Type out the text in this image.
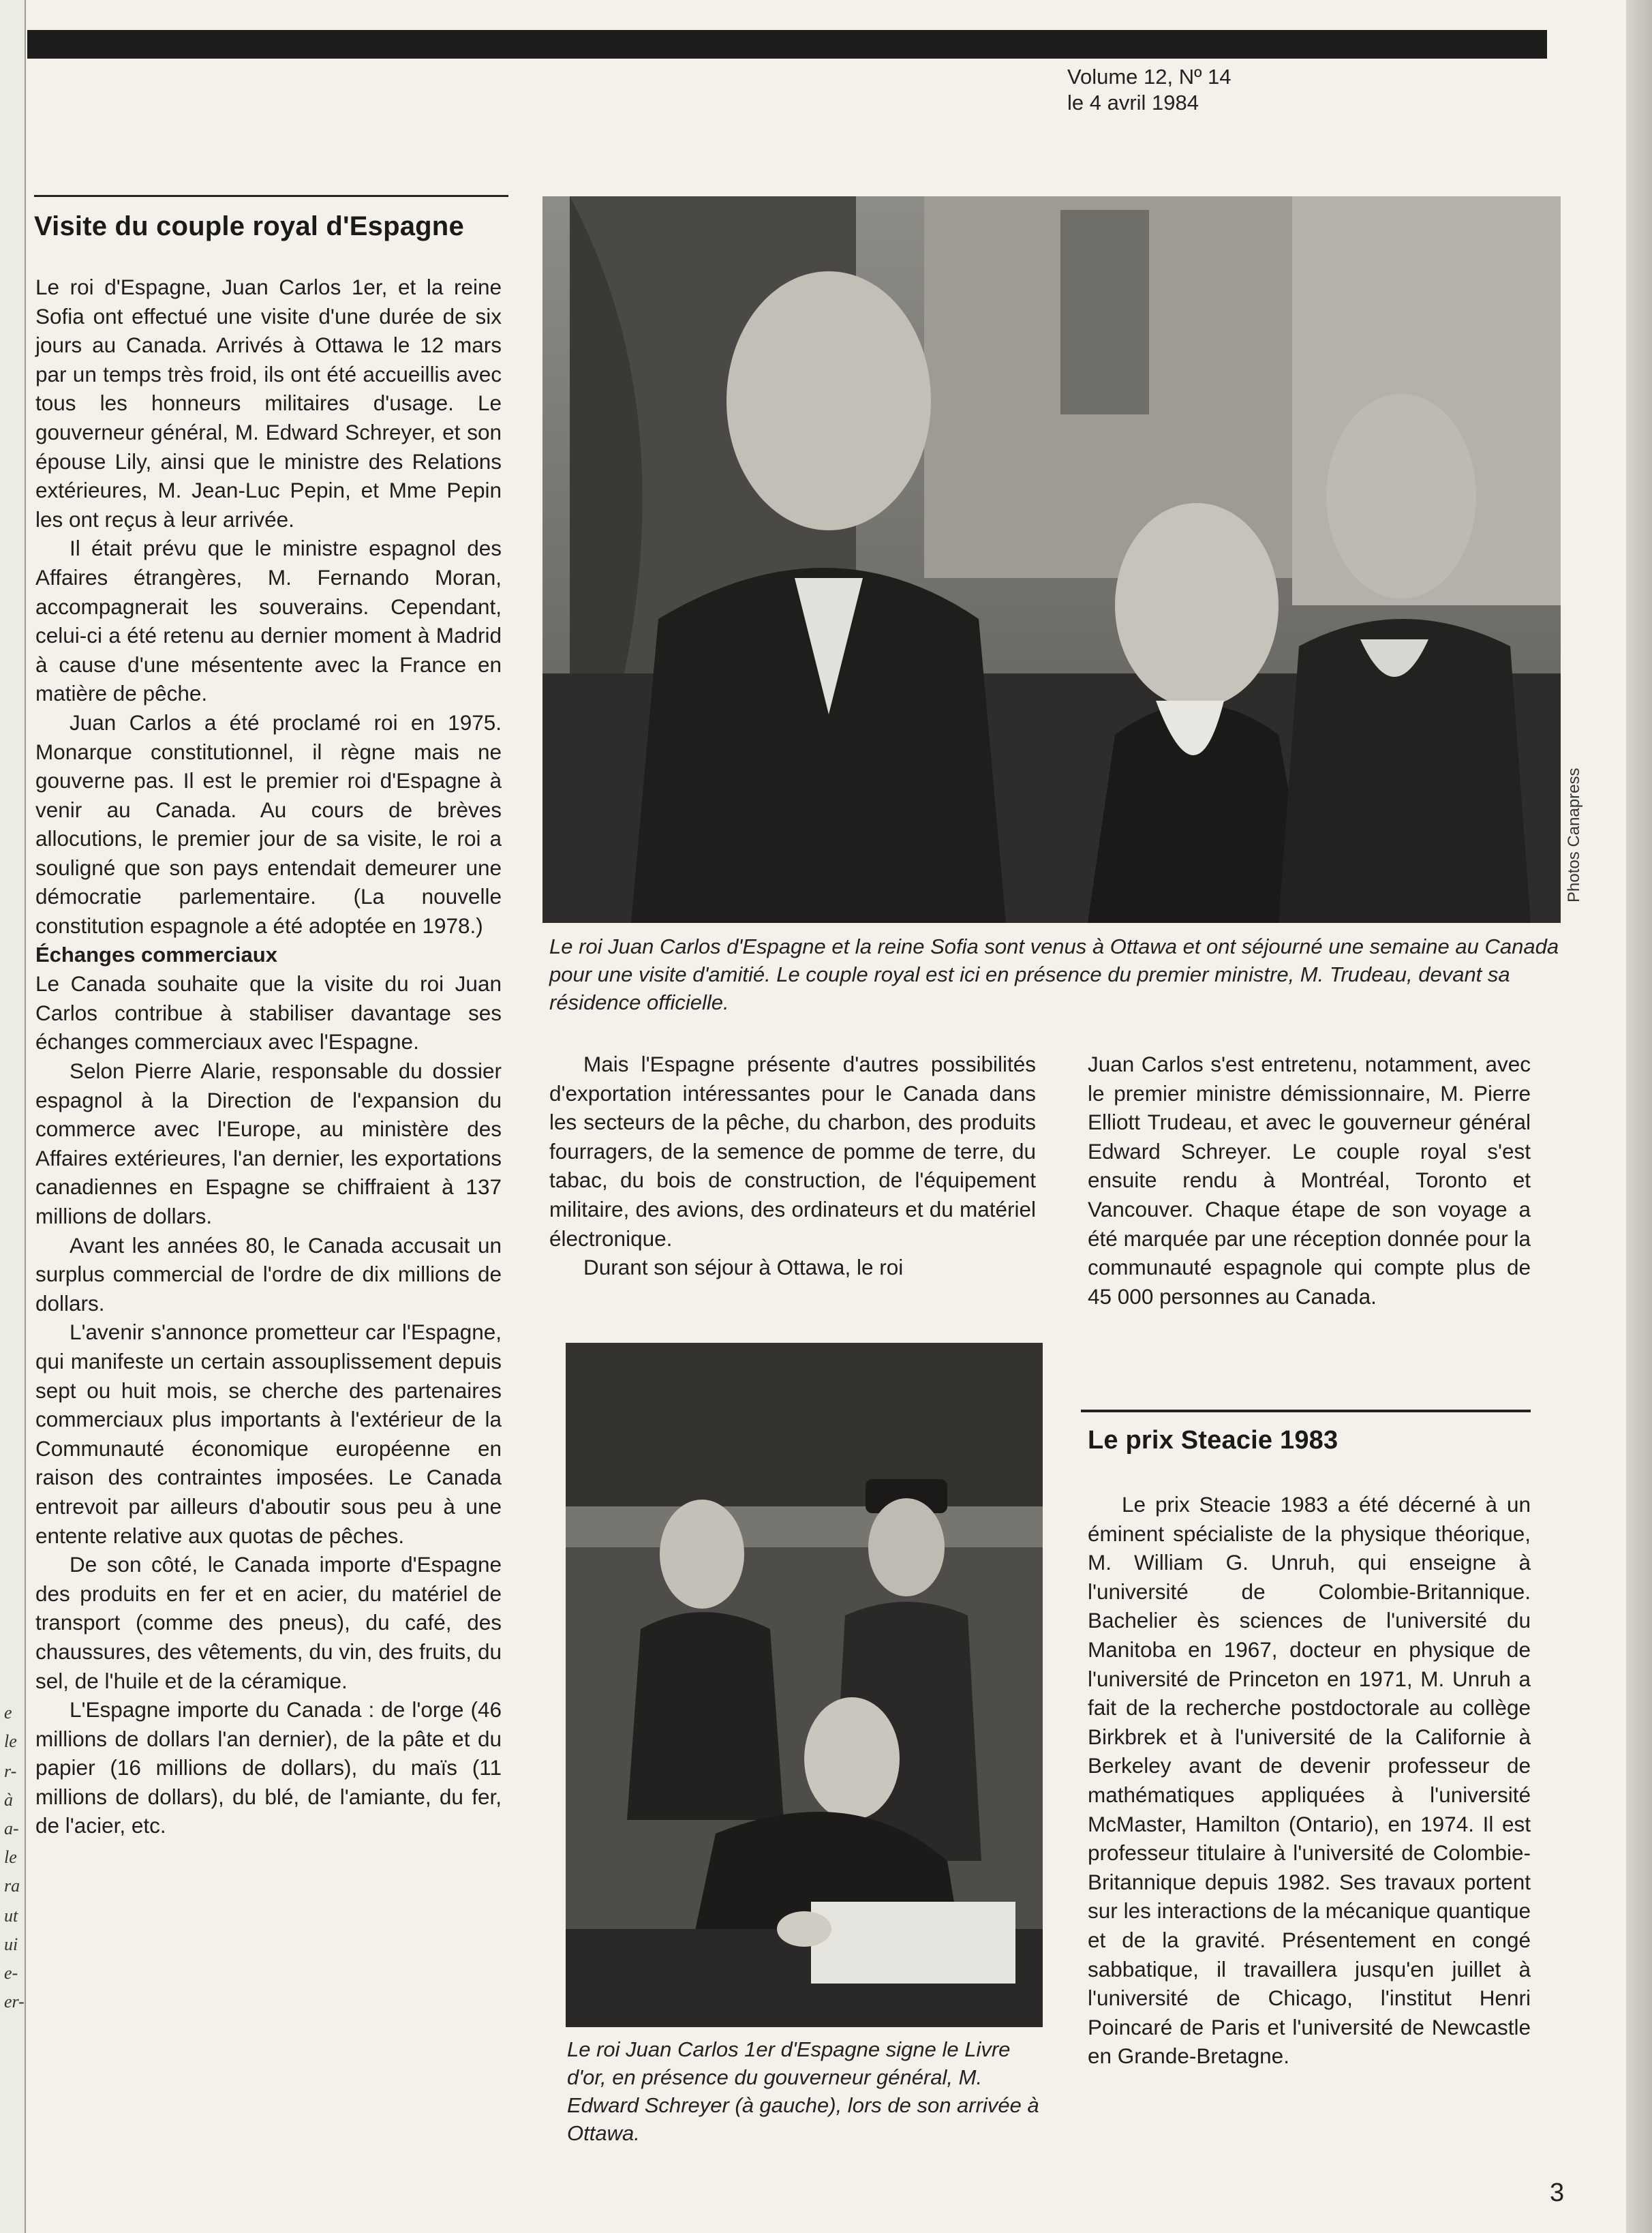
e
le
r-
à
a-
le
ra
ut
ui
e-
er-
Volume 12, Nº 14
le 4 avril 1984
Visite du couple royal d'Espagne

Le roi d'Espagne, Juan Carlos 1er, et la reine Sofia ont effectué une visite d'une durée de six jours au Canada. Arrivés à Ottawa le 12 mars par un temps très froid, ils ont été accueillis avec tous les honneurs militaires d'usage. Le gouverneur général, M. Edward Schreyer, et son épouse Lily, ainsi que le ministre des Relations extérieures, M. Jean-Luc Pepin, et Mme Pepin les ont reçus à leur arrivée.

Il était prévu que le ministre espagnol des Affaires étrangères, M. Fernando Moran, accompagnerait les souverains. Cependant, celui-ci a été retenu au dernier moment à Madrid à cause d'une mésentente avec la France en matière de pêche.

Juan Carlos a été proclamé roi en 1975. Monarque constitutionnel, il règne mais ne gouverne pas. Il est le premier roi d'Espagne à venir au Canada. Au cours de brèves allocutions, le premier jour de sa visite, le roi a souligné que son pays entendait demeurer une démocratie parlementaire. (La nouvelle constitution espagnole a été adoptée en 1978.)

Échanges commerciaux

Le Canada souhaite que la visite du roi Juan Carlos contribue à stabiliser davantage ses échanges commerciaux avec l'Espagne.

Selon Pierre Alarie, responsable du dossier espagnol à la Direction de l'expansion du commerce avec l'Europe, au ministère des Affaires extérieures, l'an dernier, les exportations canadiennes en Espagne se chiffraient à 137 millions de dollars.

Avant les années 80, le Canada accusait un surplus commercial de l'ordre de dix millions de dollars.

L'avenir s'annonce prometteur car l'Espagne, qui manifeste un certain assouplissement depuis sept ou huit mois, se cherche des partenaires commerciaux plus importants à l'extérieur de la Communauté économique européenne en raison des contraintes imposées. Le Canada entrevoit par ailleurs d'aboutir sous peu à une entente relative aux quotas de pêches.

De son côté, le Canada importe d'Espagne des produits en fer et en acier, du matériel de transport (comme des pneus), du café, des chaussures, des vêtements, du vin, des fruits, du sel, de l'huile et de la céramique.

L'Espagne importe du Canada : de l'orge (46 millions de dollars l'an dernier), de la pâte et du papier (16 millions de dollars), du maïs (11 millions de dollars), du blé, de l'amiante, du fer, de l'acier, etc.

Photos Canapress
Le roi Juan Carlos d'Espagne et la reine Sofia sont venus à Ottawa et ont séjourné une semaine au Canada pour une visite d'amitié. Le couple royal est ici en présence du premier ministre, M. Trudeau, devant sa résidence officielle.

Mais l'Espagne présente d'autres possibilités d'exportation intéressantes pour le Canada dans les secteurs de la pêche, du charbon, des produits fourragers, de la semence de pomme de terre, du tabac, du bois de construction, de l'équipement militaire, des avions, des ordinateurs et du matériel électronique.

Durant son séjour à Ottawa, le roi

Juan Carlos s'est entretenu, notamment, avec le premier ministre démissionnaire, M. Pierre Elliott Trudeau, et avec le gouverneur général Edward Schreyer. Le couple royal s'est ensuite rendu à Montréal, Toronto et Vancouver. Chaque étape de son voyage a été marquée par une réception donnée pour la communauté espagnole qui compte plus de 45 000 personnes au Canada.

Le roi Juan Carlos 1er d'Espagne signe le Livre d'or, en présence du gouverneur général, M. Edward Schreyer (à gauche), lors de son arrivée à Ottawa.
Le prix Steacie 1983

Le prix Steacie 1983 a été décerné à un éminent spécialiste de la physique théorique, M. William G. Unruh, qui enseigne à l'université de Colombie-Britannique. Bachelier ès sciences de l'université du Manitoba en 1967, docteur en physique de l'université de Princeton en 1971, M. Unruh a fait de la recherche postdoctorale au collège Birkbrek et à l'université de la Californie à Berkeley avant de devenir professeur de mathématiques appliquées à l'université McMaster, Hamilton (Ontario), en 1974. Il est professeur titulaire à l'université de Colombie-Britannique depuis 1982. Ses travaux portent sur les interactions de la mécanique quantique et de la gravité. Présentement en congé sabbatique, il travaillera jusqu'en juillet à l'université de Chicago, l'institut Henri Poincaré de Paris et l'université de Newcastle en Grande-Bretagne.

3
